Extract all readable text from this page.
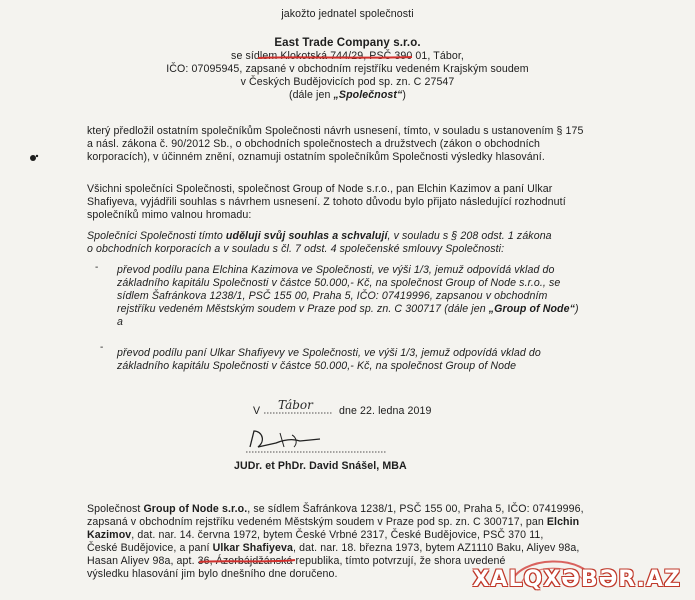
jakožto jednatel společnosti
East Trade Company s.r.o.
se sídlem Klokotská 744/29, PSČ 390 01, Tábor,
IČO: 07095945, zapsané v obchodním rejstříku vedeném Krajským soudem
v Českých Budějovicích pod sp. zn. C 27547
(dále jen „Společnost“)
který předložil ostatním společníkům Společnosti návrh usnesení, tímto, v souladu s ustanovením § 175
a násl. zákona č. 90/2012 Sb., o obchodních společnostech a družstvech (zákon o obchodních
korporacích), v účinném znění, oznamuji ostatním společníkům Společnosti výsledky hlasování.
Všichni společníci Společnosti, společnost Group of Node s.r.o., pan Elchin Kazimov a paní Ulkar
Shafiyeva, vyjádřili souhlas s návrhem usnesení. Z tohoto důvodu bylo přijato následující rozhodnutí
společníků mimo valnou hromadu:
Společníci Společnosti tímto uděluji svůj souhlas a schvalují, v souladu s § 208 odst. 1 zákona
o obchodních korporacích a v souladu s čl. 7 odst. 4 společenské smlouvy Společnosti:
- převod podílu pana Elchina Kazimova ve Společnosti, ve výši 1/3, jemuž odpovídá vklad do
základního kapitálu Společnosti v částce 50.000,- Kč, na společnost Group of Node s.r.o., se
sídlem Šafránkova 1238/1, PSČ 155 00, Praha 5, IČO: 07419996, zapsanou v obchodním
rejstříku vedeném Městským soudem v Praze pod sp. zn. C 300717 (dále jen „Group of Node“)
a
- převod podílu paní Ulkar Shafiyevy ve Společnosti, ve výši 1/3, jemuž odpovídá vklad do
základního kapitálu Společnosti v částce 50.000,- Kč, na společnost Group of Node
V Tábor dne 22. ledna 2019
JUDr. et PhDr. David Snášel, MBA
Společnost Group of Node s.r.o., se sídlem Šafránkova 1238/1, PSČ 155 00, Praha 5, IČO: 07419996,
zapsaná v obchodním rejstříku vedeném Městským soudem v Praze pod sp. zn. C 300717, pan Elchin
Kazimov, dat. nar. 14. června 1972, bytem České Vrbné 2317, České Budějovice, PSČ 370 11,
České Budějovice, a paní Ulkar Shafiyeva, dat. nar. 18. března 1973, bytem AZ1110 Baku, Aliyev 98a,
Hasan Aliyev 98a, apt. 36, Ázerbájdžánská republika, tímto potvrzují, že shora uvedené
výsledku hlasování jim bylo dnešního dne doručeno.	XALQXƏBƏR.AZ
